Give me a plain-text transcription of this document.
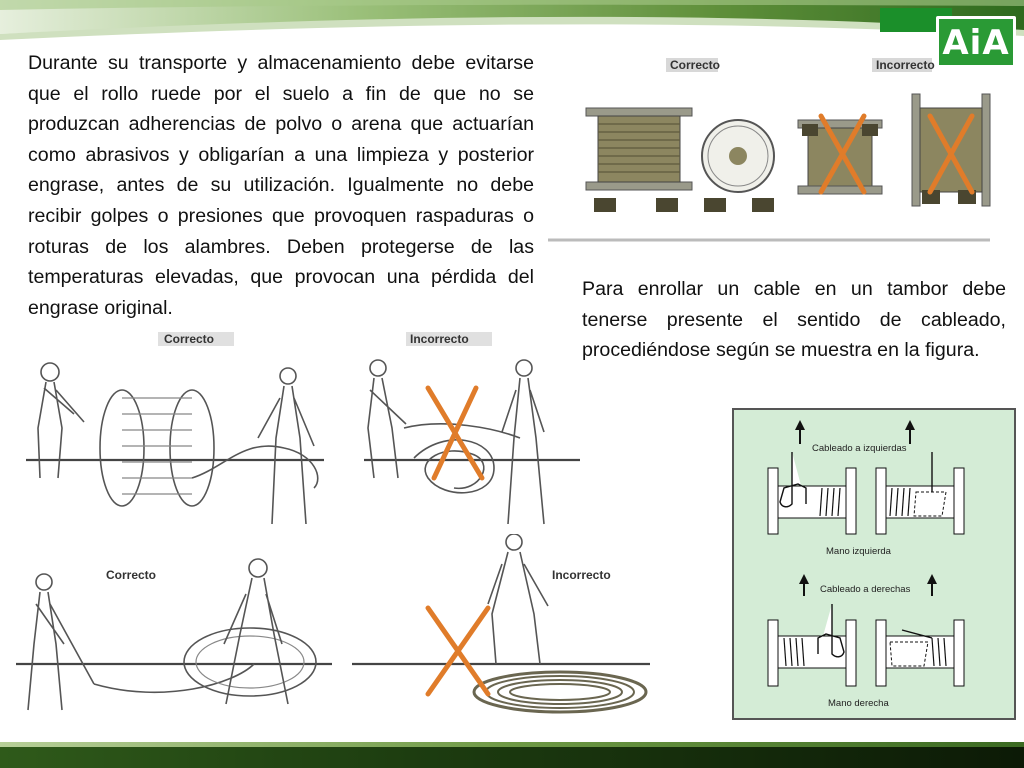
AiA
Durante su transporte y almacenamiento debe evitarse que el rollo ruede por el suelo a fin de que no se produzcan adherencias de polvo o arena que actuarían como abrasivos y obligarían a una limpieza y posterior engrase, antes de su utilización. Igualmente no debe recibir golpes o presiones que provoquen raspaduras o roturas de los alambres. Deben protegerse de las temperaturas elevadas, que provocan una pérdida del engrase original.
Para enrollar un cable en un tambor debe tenerse presente el sentido de cableado, procediéndose según se muestra en la figura.
Correcto	Incorrecto
Correcto	Incorrecto
Correcto	Incorrecto
Cableado a izquierdas
Mano izquierda
Cableado a derechas
Mano derecha
